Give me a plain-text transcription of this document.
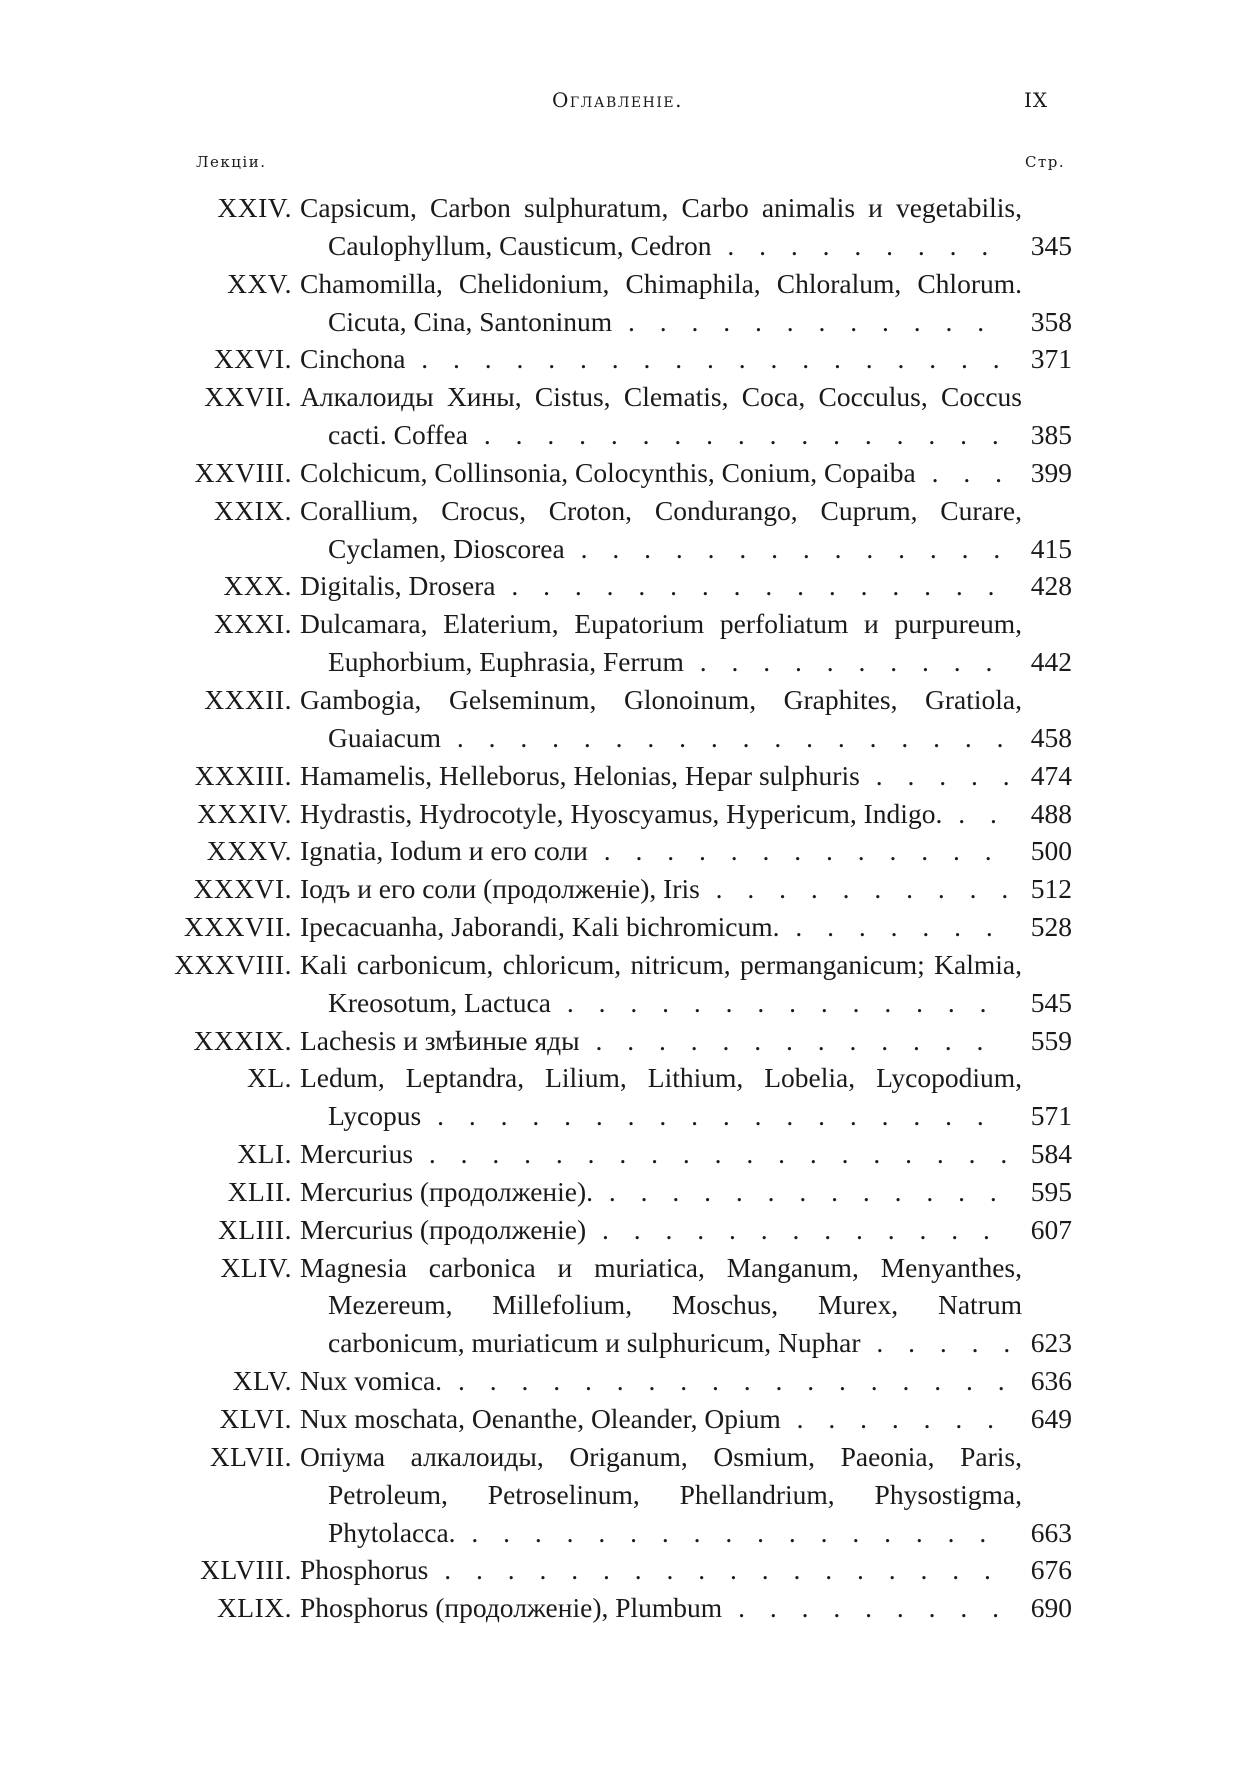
Оглавленіе.	IX
Лекціи.	Стр.
XXIV. Capsicum, Carbon sulphuratum, Carbo animalis и vegetabilis, Caulophyllum, Causticum, Cedron . . . . . . . . .	345
XXV. Chamomilla, Chelidonium, Chimaphila, Chloralum, Chlorum. Cicuta, Cina, Santoninum . . . . . . . . . . . .	358
XXVI. Cinchona . . . . . . . . . . . . . . . . . . . 371
XXVII. Алкалоиды Хины, Cistus, Clematis, Coca, Cocculus, Coccus cacti. Coffea . . . . . . . . . . . . . . . . . 385
XXVIII. Colchicum, Collinsonia, Colocynthis, Conium, Copaiba . . . 399
XXIX. Corallium, Crocus, Croton, Condurango, Cuprum, Curare, Cyclamen, Dioscorea . . . . . . . . . . . . . . 415
XXX. Digitalis, Drosera . . . . . . . . . . . . . . . . 428
XXXI. Dulcamara, Elaterium, Eupatorium perfoliatum и purpureum, Euphorbium, Euphrasia, Ferrum . . . . . . . . . .	442
XXXII. Gambogia, Gelseminum, Glonoinum, Graphites, Gratiola, Guaiacum . . . . . . . . . . . . . . . . . . 458
XXXIII. Hamamelis, Helleborus, Helonias, Hepar sulphuris . . . . . 474
XXXIV. Hydrastis, Hydrocotyle, Hyoscyamus, Hypericum, Indigo. . . 488
XXXV. Ignatia, Iodum и его соли . . . . . . . . . . . . .	500
XXXVI. Іодъ и его соли (продолженіе), Iris . . . . . . . . . . 512
XXXVII. Ipecacuanha, Jaborandi, Kali bichromicum. . . . . . . .	528
XXXVIII. Kali carbonicum, chloricum, nitricum, permanganicum; Kalmia, Kreosotum, Lactuca . . . . . . . . . . . . . .	545
XXXIX. Lachesis и змѣиные яды . . . . . . . . . . . . .	559
XL. Ledum, Leptandra, Lilium, Lithium, Lobelia, Lycopodium, Lycopus . . . . . . . . . . . . . . . . . .	571
XLI. Mercurius . . . . . . . . . . . . . . . . . . . 584
XLII. Mercurius (продолженіе). . . . . . . . . . . . . . 595
XLIII. Mercurius (продолженіе) . . . . . . . . . . . . .	607
XLIV. Magnesia carbonica и muriatica, Manganum, Menyanthes, Mezereum, Millefolium, Moschus, Murex, Natrum carbonicum, muriaticum и sulphuricum, Nuphar . . . . . 623
XLV. Nux vomica. . . . . . . . . . . . . . . . . . . 636
XLVI. Nux moschata, Oenanthe, Oleander, Opium . . . . . . .	649
XLVII. Опіума алкалоиды, Origanum, Osmium, Paeonia, Paris, Petroleum, Petroselinum, Phellandrium, Physostigma, Phytolacca. . . . . . . . . . . . . . . . . .	663
XLVIII. Phosphorus . . . . . . . . . . . . . . . . . .	676
XLIX. Phosphorus (продолженіе), Plumbum . . . . . . . . . 690
